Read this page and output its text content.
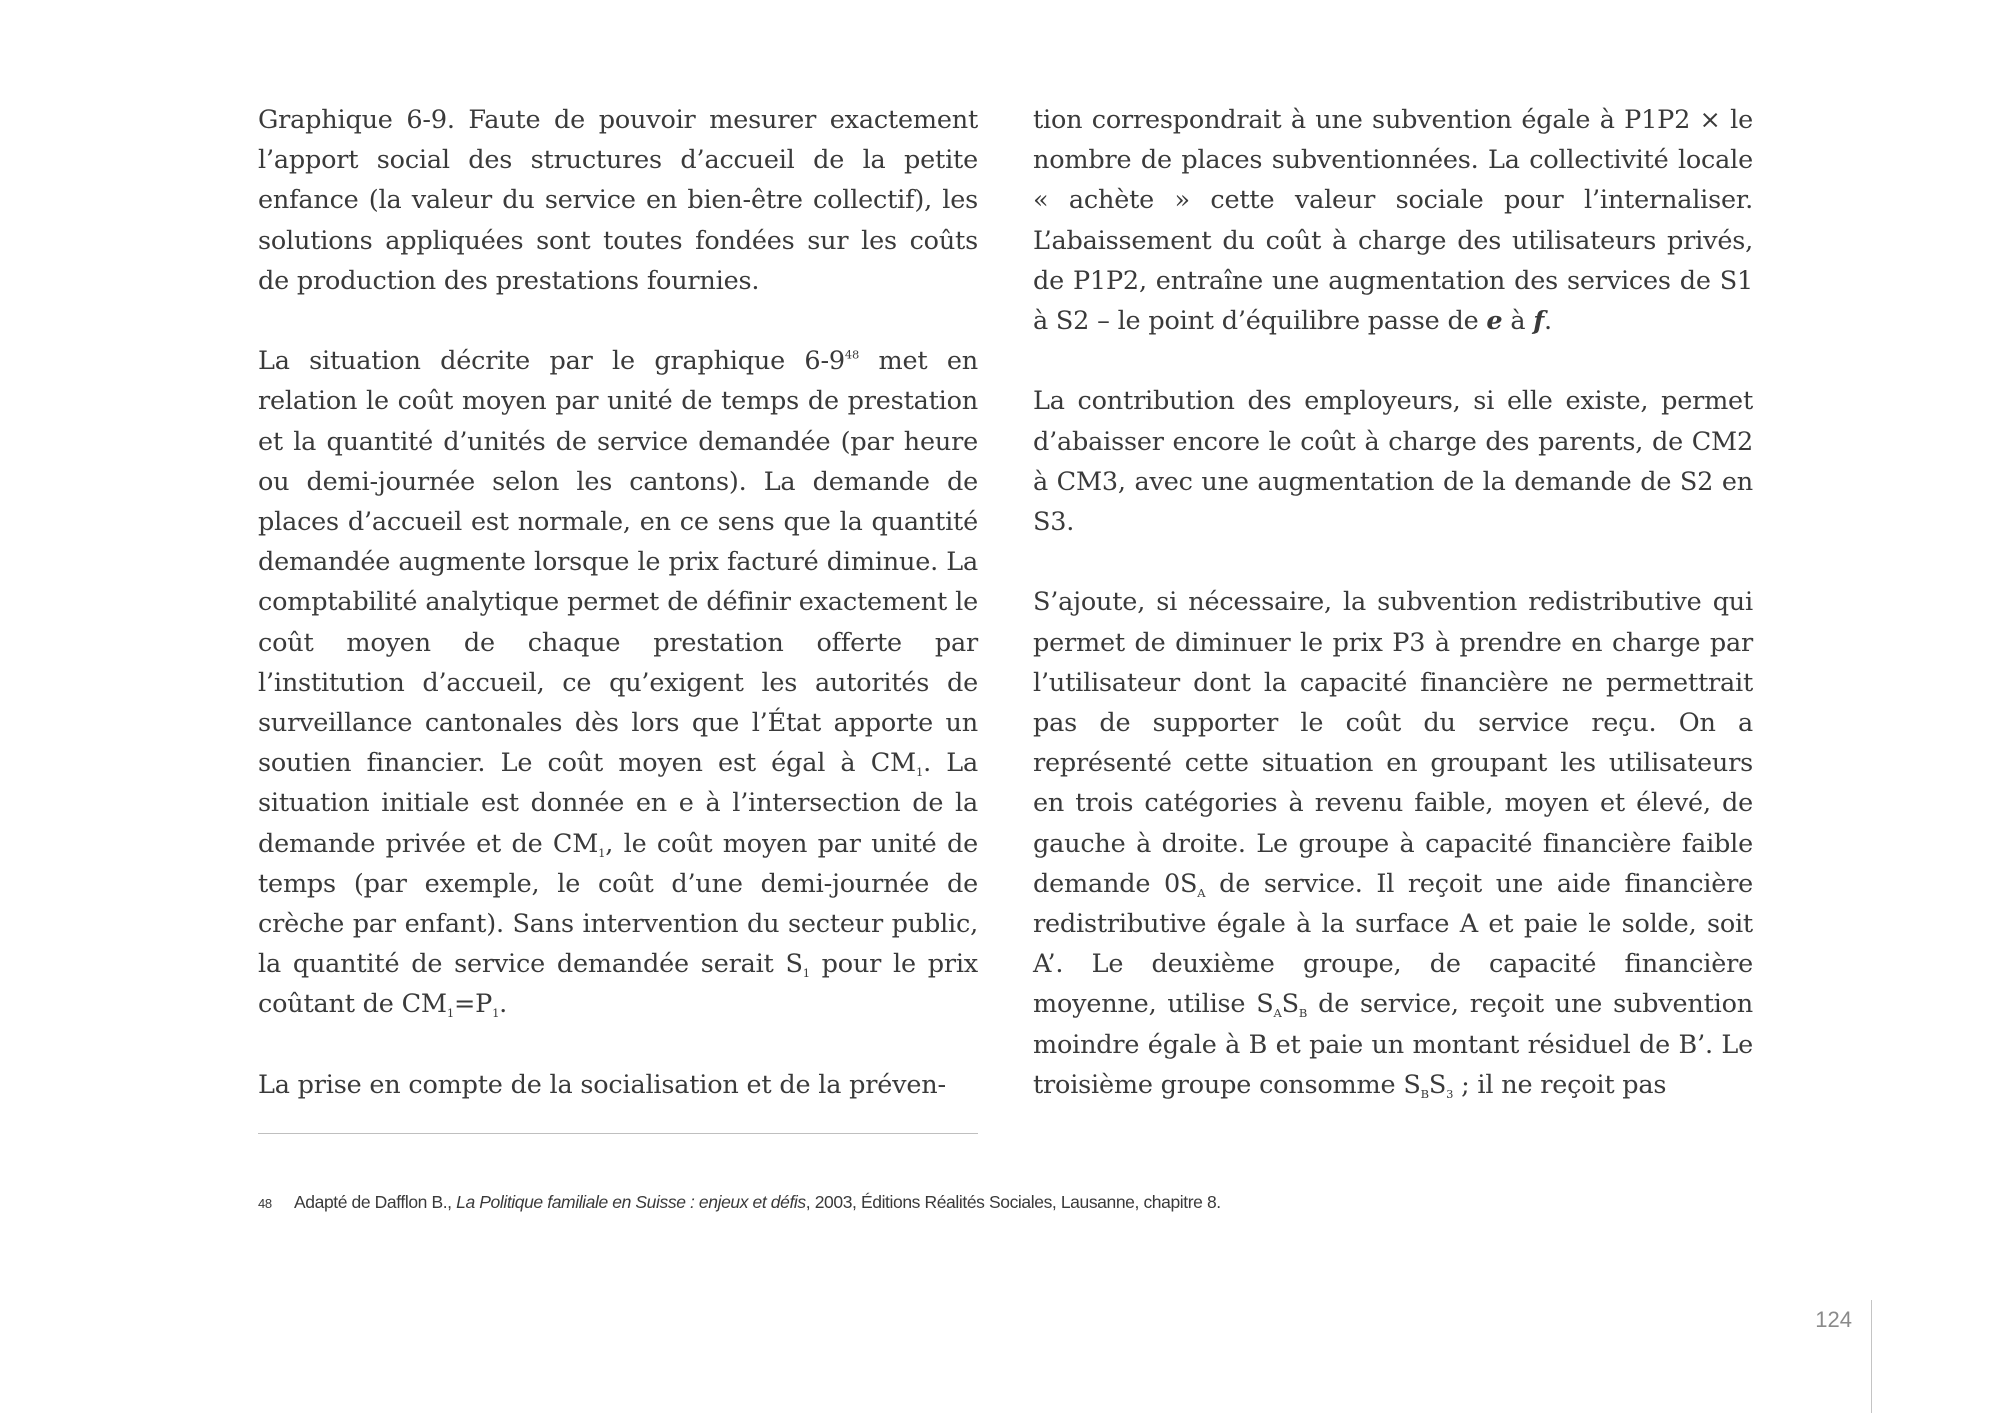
Graphique 6-9. Faute de pouvoir mesurer exactement l’apport social des structures d’accueil de la petite enfance (la valeur du service en bien-être collectif), les solutions appliquées sont toutes fondées sur les coûts de production des prestations fournies.

La situation décrite par le graphique $6-9^{48}$ met en relation le coût moyen par unité de temps de prestation et la quantité d’unités de service demandée (par heure ou demi-journée selon les cantons). La demande de places d’accueil est normale, en ce sens que la quantité demandée augmente lorsque le prix facturé diminue. La comptabilité analytique permet de définir exactement le coût moyen de chaque prestation offerte par l’institution d’accueil, ce qu’exigent les autorités de surveillance cantonales dès lors que l’État apporte un soutien financier. Le coût moyen est égal à $CM_1$. La situation initiale est donnée en e à l’intersection de la demande privée et de $CM_1$, le coût moyen par unité de temps (par exemple, le coût d’une demi-journée de crèche par enfant). Sans intervention du secteur public, la quantité de service demandée serait $S_1$ pour le prix coûtant de $CM_1=P_1$.

La prise en compte de la socialisation et de la préven-

tion correspondrait à une subvention égale à P1P2 × le nombre de places subventionnées. La collectivité locale « achète » cette valeur sociale pour l’internaliser. L’abaissement du coût à charge des utilisateurs privés, de P1P2, entraîne une augmentation des services de S1 à S2 – le point d’équilibre passe de e à f.

La contribution des employeurs, si elle existe, permet d’abaisser encore le coût à charge des parents, de CM2 à CM3, avec une augmentation de la demande de S2 en S3.

S’ajoute, si nécessaire, la subvention redistributive qui permet de diminuer le prix P3 à prendre en charge par l’utilisateur dont la capacité financière ne permettrait pas de supporter le coût du service reçu. On a représenté cette situation en groupant les utilisateurs en trois catégories à revenu faible, moyen et élevé, de gauche à droite. Le groupe à capacité financière faible demande $0S_A$ de service. Il reçoit une aide financière redistributive égale à la surface A et paie le solde, soit A’. Le deuxième groupe, de capacité financière moyenne, utilise $S_AS_B$ de service, reçoit une subvention moindre égale à B et paie un montant résiduel de B’. Le troisième groupe consomme $S_BS_3$ ; il ne reçoit pas

48 Adapté de Dafflon B., La Politique familiale en Suisse : enjeux et défis, 2003, Éditions Réalités Sociales, Lausanne, chapitre 8.
124
